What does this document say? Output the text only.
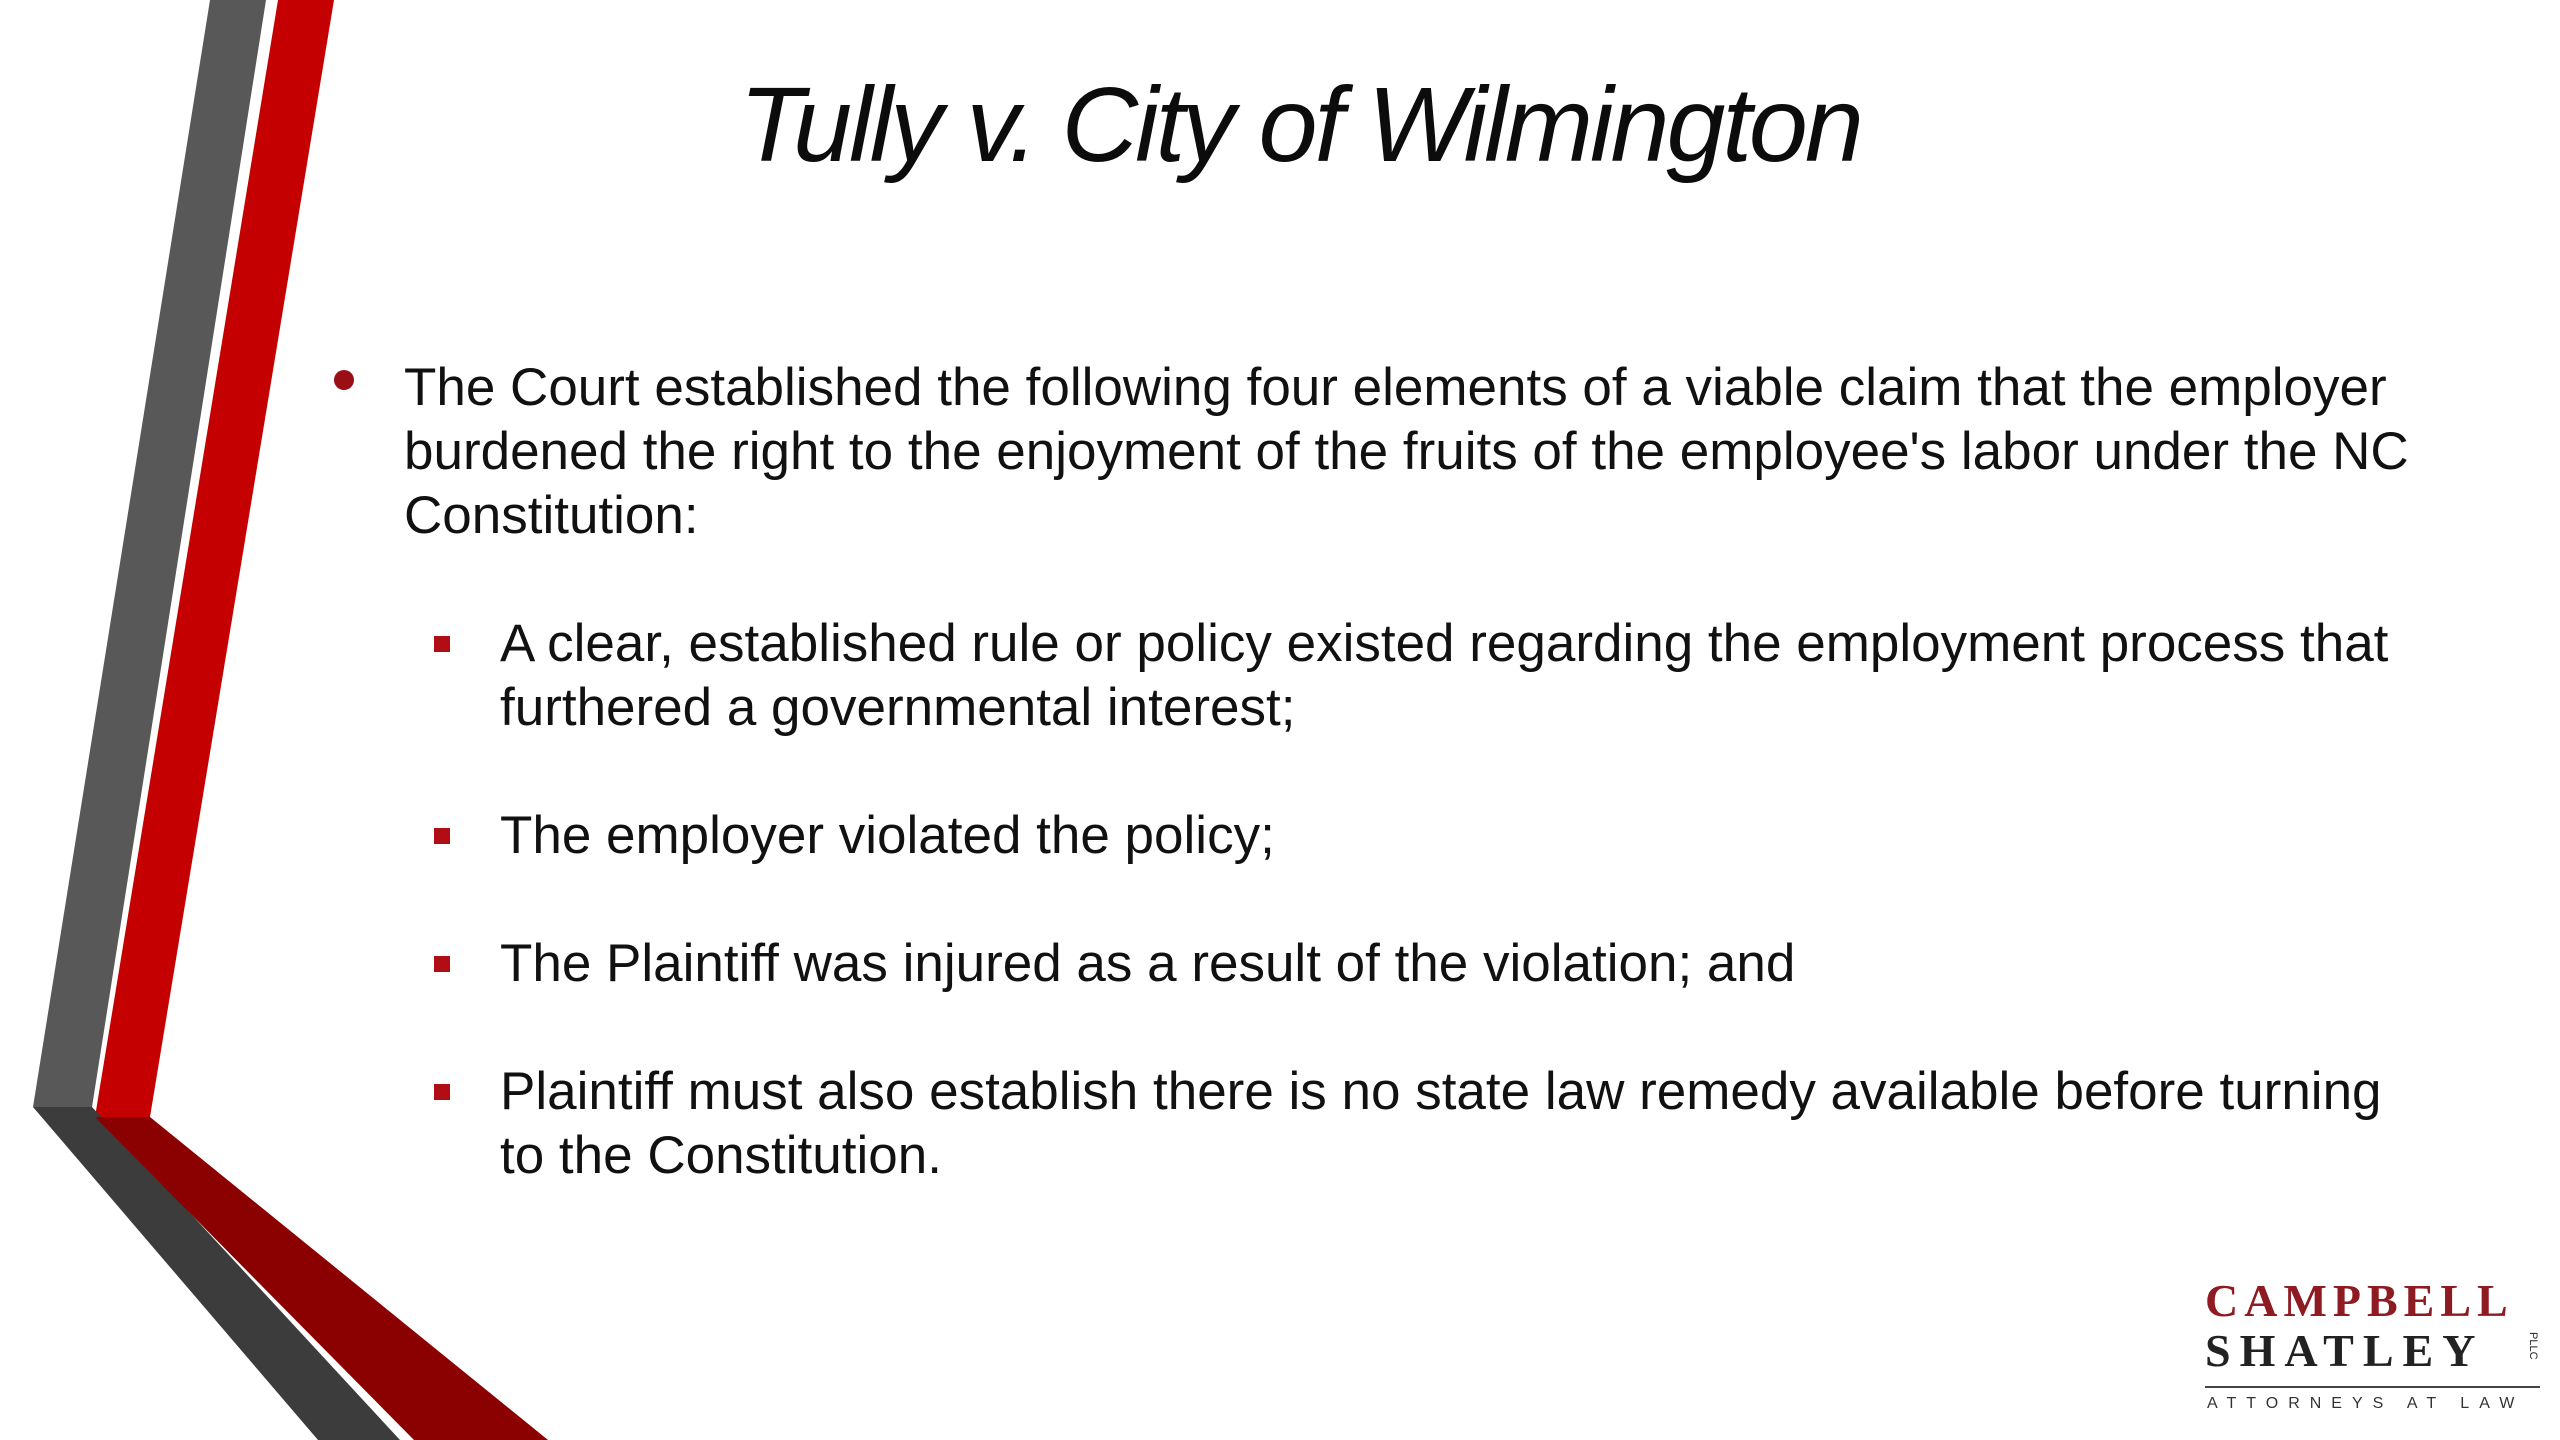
Tully v. City of Wilmington
The Court established the following four elements of a viable claim that the employer burdened the right to the enjoyment of the fruits of the employee's labor under the NC Constitution:
A clear, established rule or policy existed regarding the employment process that furthered a governmental interest;
The employer violated the policy;
The Plaintiff was injured as a result of the violation; and
Plaintiff must also establish there is no state law remedy available before turning to the Constitution.
CAMPBELL
SHATLEY	PLLC
ATTORNEYS AT LAW
